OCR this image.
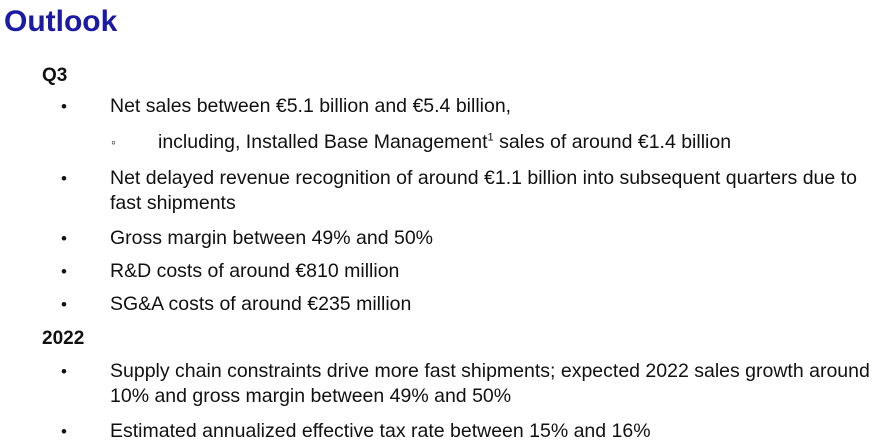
Outlook
Q3
• Net sales between €5.1 billion and €5.4 billion,
◦ including, Installed Base Management$^1$ sales of around €1.4 billion
• Net delayed revenue recognition of around €1.1 billion into subsequent quarters due to fast shipments
• Gross margin between 49% and 50%
• R&D costs of around €810 million
• SG&A costs of around €235 million
2022
• Supply chain constraints drive more fast shipments; expected 2022 sales growth around 10% and gross margin between 49% and 50%
• Estimated annualized effective tax rate between 15% and 16%
